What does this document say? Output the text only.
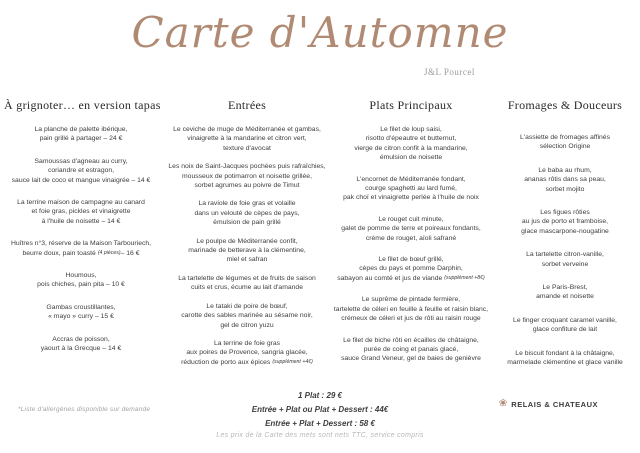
Carte d'Automne
J&L Pourcel
À grignoter… en version tapas
La planche de palette ibérique,
pain grillé à partager – 24 €
Samoussas d'agneau au curry,
coriandre et estragon,
sauce lait de coco et mangue vinaigrée – 14 €
La terrine maison de campagne au canard
et foie gras, pickles et vinaigrette
à l'huile de noisette – 14 €
Huîtres n°3, réserve de la Maison Tarbouriech,
beurre doux, pain toasté (4 pièces) – 16 €
Houmous,
pois chiches, pain pita – 10 €
Gambas croustillantes,
« mayo » curry – 15 €
Accras de poisson,
yaourt à la Grecque – 14 €
Entrées
Le ceviche de muge de Méditerranée et gambas,
vinaigrette à la mandarine et citron vert,
texture d'avocat
Les noix de Saint-Jacques pochées puis rafraîchies,
mousseux de potimarron et noisette grillée,
sorbet agrumes au poivre de Timut
La raviole de foie gras et volaille
dans un velouté de cèpes de pays,
émulsion de pain grillé
Le poulpe de Méditerranée confit,
marinade de betterave à la clémentine,
miel et safran
La tartelette de légumes et de fruits de saison
cuits et crus, écume au lait d'amande
Le tataki de poire de bœuf,
carotte des sables marinée au sésame noir,
gel de citron yuzu
La terrine de foie gras
aux poires de Provence, sangria glacée,
réduction de porto aux épices (supplément +4€)
Plats Principaux
Le filet de loup saisi,
risotto d'épeautre et butternut,
vierge de citron confit à la mandarine,
émulsion de noisette
L'encornet de Méditerranée fondant,
courge spaghetti au lard fumé,
pak choï et vinaigrette perlée à l'huile de noix
Le rouget cuit minute,
galet de pomme de terre et poireaux fondants,
crème de rouget, aïoli safrané
Le filet de bœuf grillé,
cèpes du pays et pomme Darphin,
sabayon au comté et jus de viande (supplément +8€)
Le suprême de pintade fermière,
tartelette de céleri en feuille à feuille et raisin blanc,
crémeux de céleri et jus de rôti au raisin rouge
Le filet de biche rôti en écailles de châtaigne,
purée de coing et panais glacé,
sauce Grand Veneur, gel de baies de genièvre
Fromages & Douceurs
L'assiette de fromages affinés
sélection Origine
Le baba au rhum,
ananas rôtis dans sa peau,
sorbet mojito
Les figues rôties
au jus de porto et framboise,
glace mascarpone-nougatine
La tartelette citron-vanille,
sorbet verveine
Le Paris-Brest,
amande et noisette
Le finger croquant caramel vanille,
glace confiture de lait
Le biscuit fondant à la châtaigne,
marmelade clémentine et glace vanille
*Liste d'allergènes disponible sur demande
1 Plat : 29 €
Entrée + Plat ou Plat + Dessert : 44€
Entrée + Plat + Dessert : 58 €
❀ RELAIS & CHATEAUX
Les prix de la Carte des mets sont nets TTC, service compris
